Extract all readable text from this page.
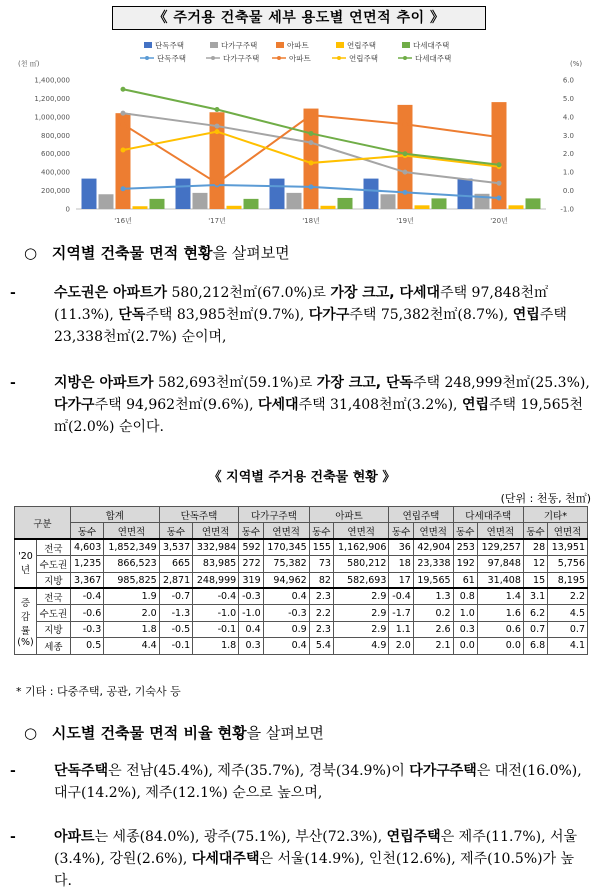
《 주거용 건축물 세부 용도별 연면적 추이 》
단독주택	다가구주택	아파트	연립주택	다세대주택
단독주택	다가구주택	아파트	연립주택	다세대주택
(천 ㎡)	(%)
1,400,000
1,200,000
1,000,000
800,000
600,000
400,000
200,000
0
6.0
5.0
4.0
3.0
2.0
1.0
0.0
-1.0
'16년	'17년	'18년	'19년	'20년
○ 지역별 건축물 면적 현황을 살펴보면
-	수도권은 아파트가 580,212천㎡(67.0%)로 가장 크고, 다세대주택 97,848천㎡(11.3%), 단독주택 83,985천㎡(9.7%), 다가구주택 75,382천㎡(8.7%), 연립주택 23,338천㎡(2.7%) 순이며,
-	지방은 아파트가 582,693천㎡(59.1%)로 가장 크고, 단독주택 248,999천㎡(25.3%), 다가구주택 94,962천㎡(9.6%), 다세대주택 31,408천㎡(3.2%), 연립주택 19,565천㎡(2.0%) 순이다.
《 지역별 주거용 건축물 현황 》
(단위 : 천동, 천㎡)
구분		합계		단독주택		다가구주택		아파트		연립주택		다세대주택		기타*	
		동수	연면적	동수	연면적	동수	연면적	동수	연면적	동수	연면적	동수	연면적	동수	연면적
'20년	전국	4,603	1,852,349	3,537	332,984	592	170,345	155	1,162,906	36	42,904	253	129,257	28	13,951
	수도권	1,235	866,523	665	83,985	272	75,382	73	580,212	18	23,338	192	97,848	12	5,756
	지방	3,367	985,825	2,871	248,999	319	94,962	82	582,693	17	19,565	61	31,408	15	8,195
증감률(%)	전국	-0.4	1.9	-0.7	-0.4	-0.3	0.4	2.3	2.9	-0.4	1.3	0.8	1.4	3.1	2.2
	수도권	-0.6	2.0	-1.3	-1.0	-1.0	-0.3	2.2	2.9	-1.7	0.2	1.0	1.6	6.2	4.5
	지방	-0.3	1.8	-0.5	-0.1	0.4	0.9	2.3	2.9	1.1	2.6	0.3	0.6	0.7	0.7
	세종	0.5	4.4	-0.1	1.8	0.3	0.4	5.4	4.9	2.0	2.1	0.0	0.0	6.8	4.1
* 기타 : 다중주택, 공관, 기숙사 등
○ 시도별 건축물 면적 비율 현황을 살펴보면
-	단독주택은 전남(45.4%), 제주(35.7%), 경북(34.9%)이 다가구주택은 대전(16.0%), 대구(14.2%), 제주(12.1%) 순으로 높으며,
-	아파트는 세종(84.0%), 광주(75.1%), 부산(72.3%), 연립주택은 제주(11.7%), 서울(3.4%), 강원(2.6%), 다세대주택은 서울(14.9%), 인천(12.6%), 제주(10.5%)가 높다.
